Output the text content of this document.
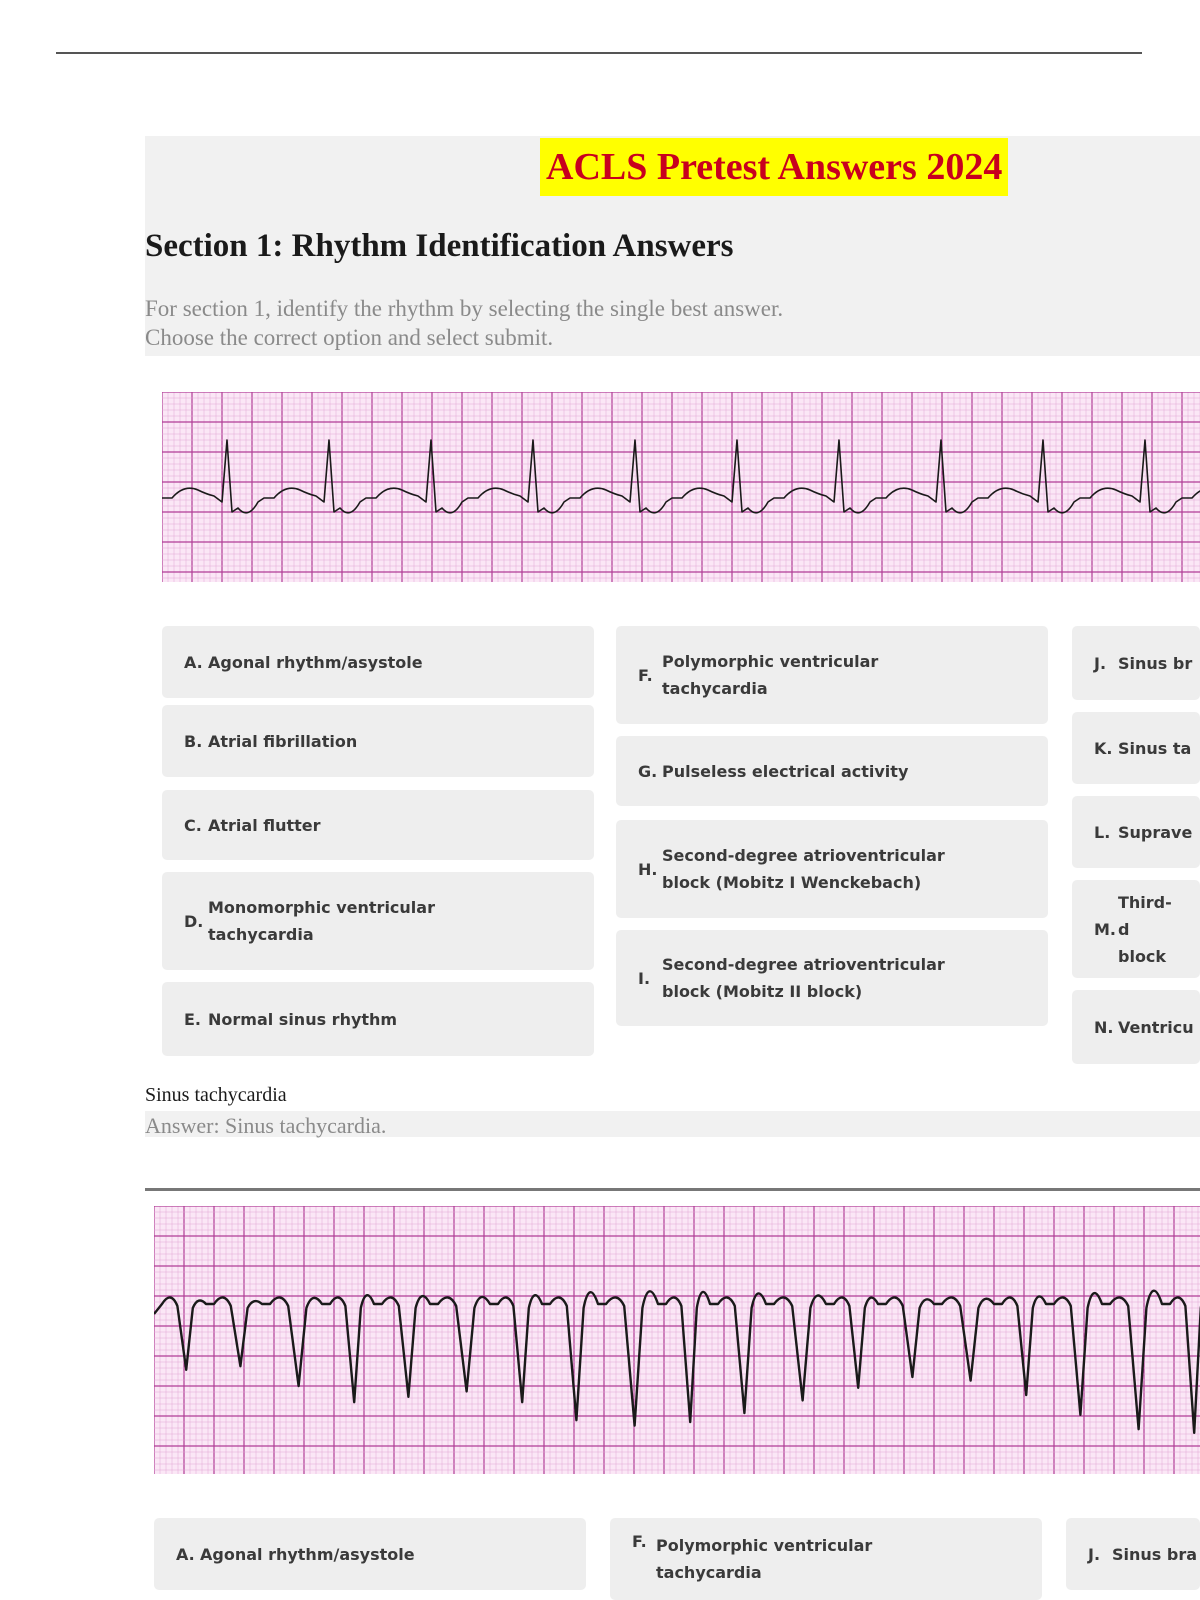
ACLS Pretest Answers 2024
Section 1: Rhythm Identification Answers
For section 1, identify the rhythm by selecting the single best answer.
Choose the correct option and select submit.
A. Agonal rhythm/asystole
B. Atrial fibrillation
C. Atrial flutter
D.
Monomorphic ventricular tachycardia
E. Normal sinus rhythm
F.
Polymorphic ventricular tachycardia
G. Pulseless electrical activity
H.
Second-degree atrioventricular block (Mobitz I Wenckebach)
I.
Second-degree atrioventricular block (Mobitz II block)
J. Sinus br
K. Sinus ta
L. Suprave
M.
Third-d block
N. Ventricu
Sinus tachycardia
Answer: Sinus tachycardia.
A. Agonal rhythm/asystole
F. Polymorphic ventricular tachycardia
J. Sinus bra
